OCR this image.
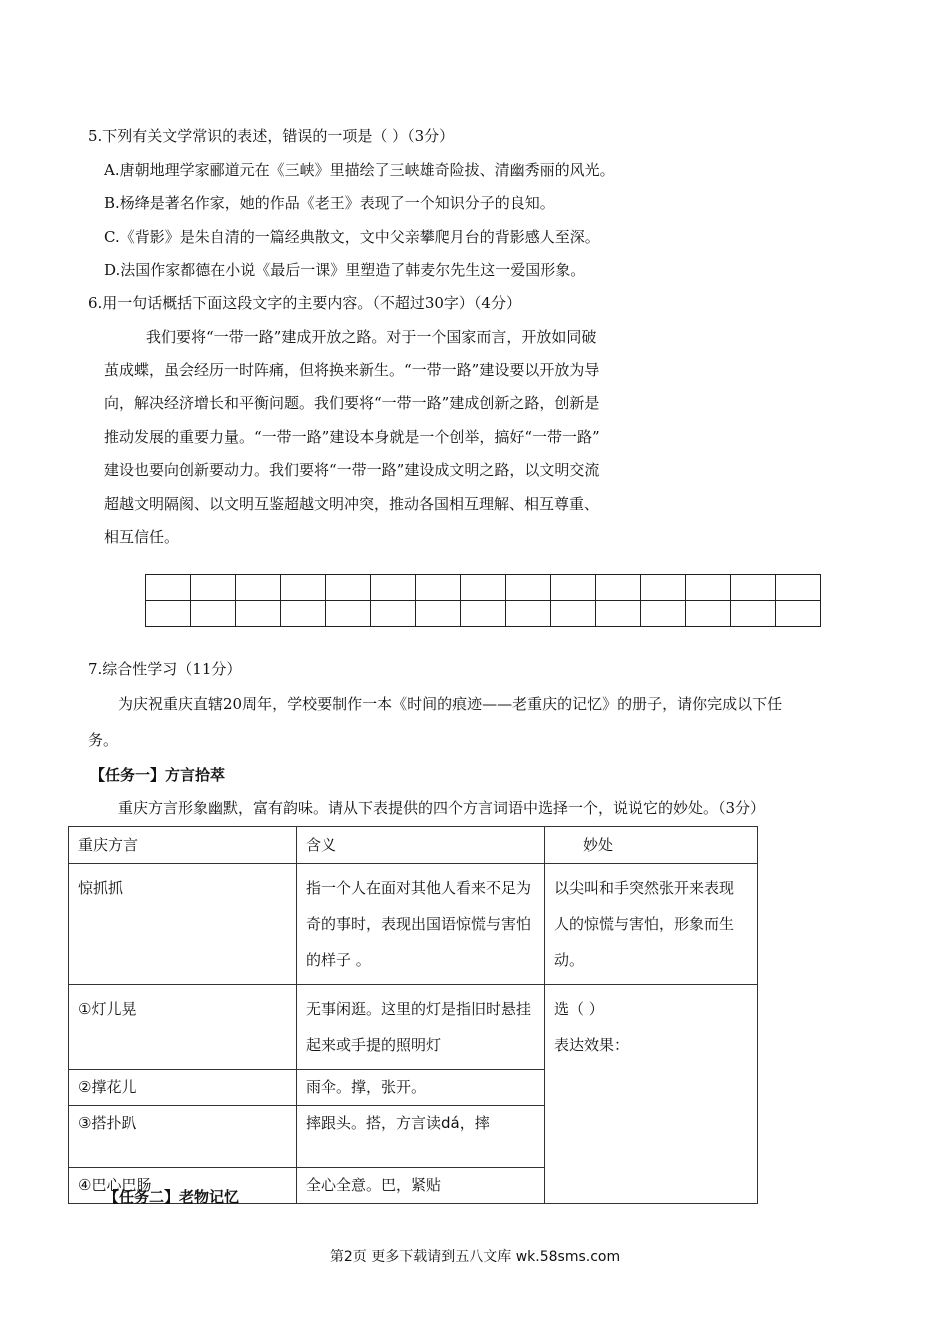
5.下列有关文学常识的表述，错误的一项是（ ）（3分）
A.唐朝地理学家郦道元在《三峡》里描绘了三峡雄奇险拔、清幽秀丽的风光。
B.杨绛是著名作家，她的作品《老王》表现了一个知识分子的良知。
C.《背影》是朱自清的一篇经典散文，文中父亲攀爬月台的背影感人至深。
D.法国作家都德在小说《最后一课》里塑造了韩麦尔先生这一爱国形象。
6.用一句话概括下面这段文字的主要内容。（不超过30字）（4分）
我们要将“一带一路”建成开放之路。对于一个国家而言，开放如同破
茧成蝶，虽会经历一时阵痛，但将换来新生。“一带一路”建设要以开放为导
向，解决经济增长和平衡问题。我们要将“一带一路”建成创新之路，创新是
推动发展的重要力量。“一带一路”建设本身就是一个创举，搞好“一带一路”
建设也要向创新要动力。我们要将“一带一路”建设成文明之路，以文明交流
超越文明隔阂、以文明互鉴超越文明冲突，推动各国相互理解、相互尊重、
相互信任。

7.综合性学习（11分）
为庆祝重庆直辖20周年，学校要制作一本《时间的痕迹——老重庆的记忆》的册子，请你完成以下任
务。
【任务一】方言拾萃
重庆方言形象幽默，富有韵味。请从下表提供的四个方言词语中选择一个，说说它的妙处。（3分）
重庆方言	含义	妙处
惊抓抓	指一个人在面对其他人看来不足为奇的事时，表现出国语惊慌与害怕的样子 。	以尖叫和手突然张开来表现人的惊慌与害怕，形象而生动。
①灯儿晃	无事闲逛。这里的灯是指旧时悬挂起来或手提的照明灯	选（ ）
表达效果：

②撑花儿	雨伞。撑，张开。	
③搭扑趴	摔跟头。搭，方言读dá，摔	
④巴心巴肠	全心全意。巴，紧贴	
【任务二】老物记忆
第2页 更多下载请到五八文库 wk.58sms.com
